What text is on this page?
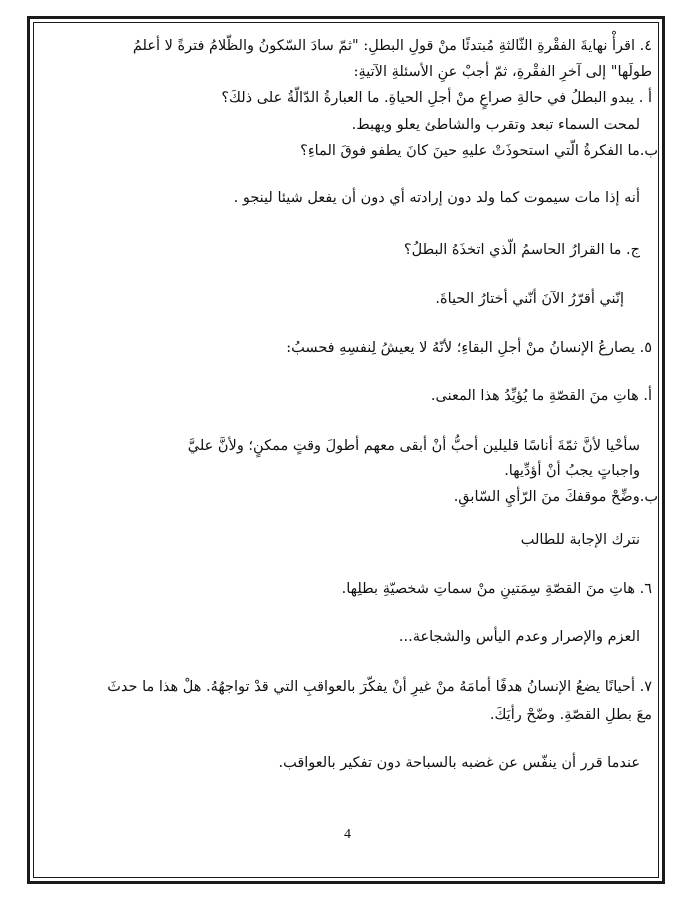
٤. اقرأْ نهايةَ الفقْرةِ الثّالثةِ مُبتدئًا منْ قولِ البطلِ: "ثمّ سادَ السّكونُ والظّلامُ فترةً لا أعلمُ
طولَها" إلى آخرِ الفقْرةِ، ثمّ أجبْ عنِ الأسئلةِ الآتيةِ:
أ . يبدو البطلُ في حالةِ صراعٍ منْ أجلِ الحياةِ. ما العبارةُ الدّالّةُ على ذلكَ؟
لمحت السماء تبعد وتقرب والشاطئ يعلو ويهبط.
ب.ما الفكرةُ الّتي استحوذَتْ عليهِ حينَ كانَ يطفو فوقَ الماءِ؟
أنه إذا مات سيموت كما ولد دون إرادته أي دون أن يفعل شيئا لينجو .
ج. ما القرارُ الحاسمُ الّذي اتخذَهُ البطلُ؟
إنّني أقرّرُ الآنَ أنّني أختارُ الحياةَ.
٥. يصارعُ الإنسانُ منْ أجلِ البقاءِ؛ لأنّهُ لا يعيشُ لِنفسِهِ فحسبُ:
أ. هاتِ منَ القصّةِ ما يُؤيِّدُ هذا المعنى.
سأحْيا لأنَّ ثمّةَ أناسًا قليلين أحبُّ أنْ أبقى معهم أطولَ وقتٍ ممكنٍ؛ ولأنَّ عليَّ
واجباتٍ يجبُ أنْ أؤدِّيها.
ب.وضِّحْ موقفكَ منَ الرّأيِ السّابقِ.
نترك الإجابة للطالب
٦. هاتِ منَ القصّةِ سِمَتينِ منْ سماتِ شخصيّةِ بطلِها.
العزم والإصرار وعدم اليأس والشجاعة...
٧. أحيانًا يضعُ الإنسانُ هدفًا أمامَهُ منْ غيرِ أنْ يفكّرَ بالعواقبِ التي قدْ تواجهُهُ. هلْ هذا ما حدثَ
معَ بطلِ القصّةِ. وضّحْ رأيَكَ.
عندما قرر أن ينفّس عن غضبه بالسباحة دون تفكير بالعواقب.
4
